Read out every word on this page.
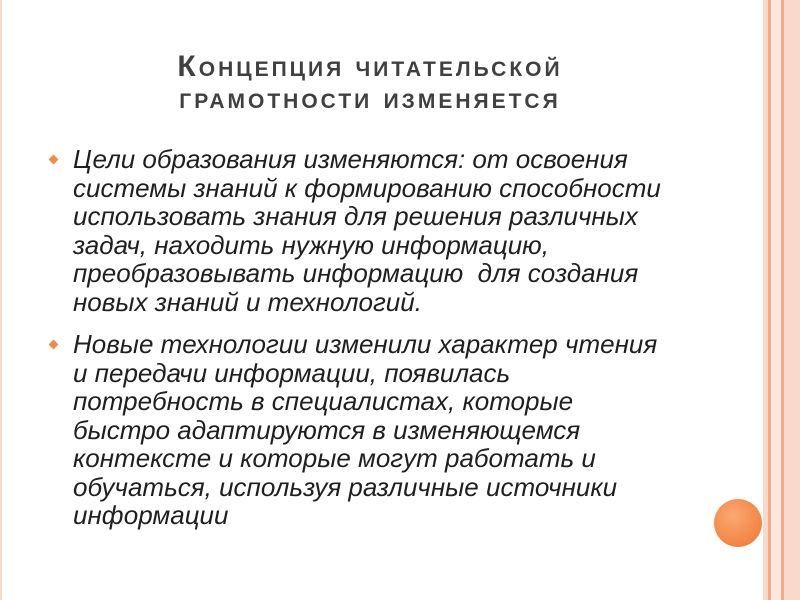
Концепция читательской
грамотности изменяется
Цели образования изменяются: от освоения
системы знаний к формированию способности
использовать знания для решения различных
задач, находить нужную информацию,
преобразовывать информацию  для создания
новых знаний и технологий.
Новые технологии изменили характер чтения
и передачи информации, появилась
потребность в специалистах, которые
быстро адаптируются в изменяющемся
контексте и которые могут работать и
обучаться, используя различные источники
информации
